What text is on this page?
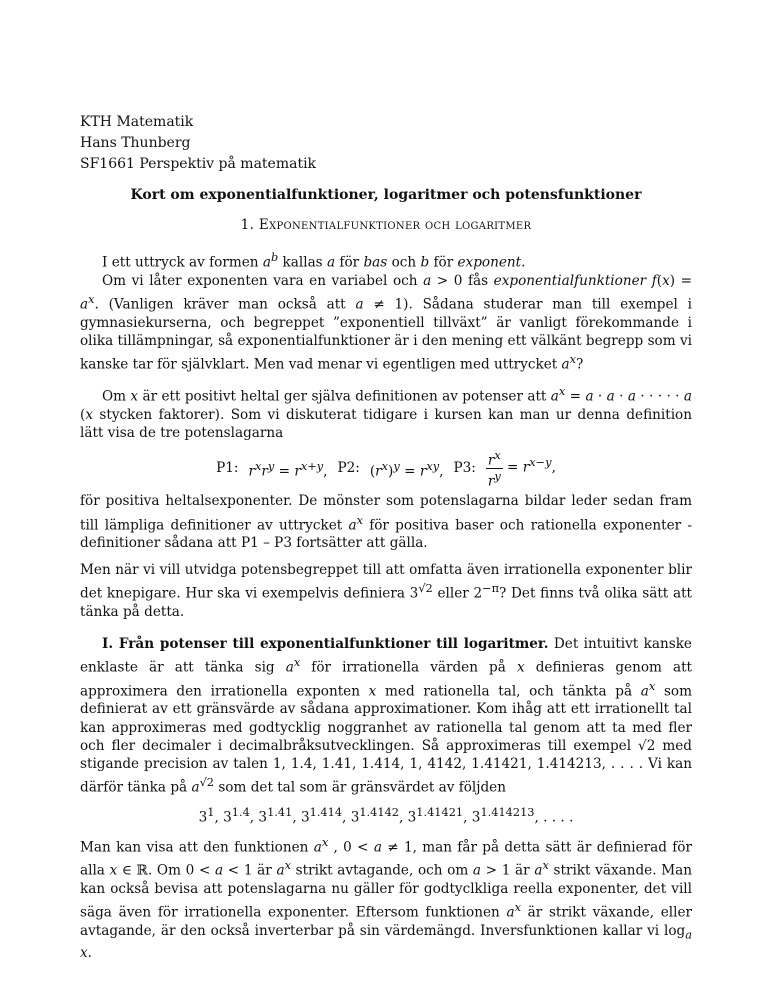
KTH Matematik
Hans Thunberg
SF1661 Perspektiv på matematik
Kort om exponentialfunktioner, logaritmer och potensfunktioner
1. Exponentialfunktioner och logaritmer

I ett uttryck av formen $a^b$ kallas a för bas och b för exponent.

Om vi låter exponenten vara en variabel och a > 0 fås exponentialfunktioner $f(x) = a^x$. (Vanligen kräver man också att a ≠ 1). Sådana studerar man till exempel i gymnasiekurserna, och begreppet ”exponentiell tillväxt” är vanligt förekommande i olika tillämpningar, så exponentialfunktioner är i den mening ett välkänt begrepp som vi kanske tar för självklart. Men vad menar vi egentligen med uttrycket $a^x$?

Om x är ett positivt heltal ger själva definitionen av potenser att $a^x = a \cdot a \cdot a$ · · · · · a (x stycken faktorer). Som vi diskuterat tidigare i kursen kan man ur denna definition lätt visa de tre potenslagarna

P1: $r^xr^y = r^{x+y}$, P2: $(r^x)^y = r^{xy}$, P3: $\frac{r^x}{r^y} = r^{x-y}$,

för positiva heltalsexponenter. De mönster som potenslagarna bildar leder sedan fram till lämpliga definitioner av uttrycket $a^x$ för positiva baser och rationella exponenter - definitioner sådana att P1 – P3 fortsätter att gälla.

Men när vi vill utvidga potensbegreppet till att omfatta även irrationella exponenter blir det knepigare. Hur ska vi exempelvis definiera $3^{√2}$ eller $2^{-\pi}$? Det finns två olika sätt att tänka på detta.

I. Från potenser till exponentialfunktioner till logaritmer. Det intuitivt kanske enklaste är att tänka sig $a^x$ för irrationella värden på x definieras genom att approximera den irrationella exponten x med rationella tal, och tänkta på $a^x$ som definierat av ett gränsvärde av sådana approximationer. Kom ihåg att ett irrationellt tal kan approximeras med godtycklig noggranhet av rationella tal genom att ta med fler och fler decimaler i decimalbråksutvecklingen. Så approximeras till exempel √2 med stigande precision av talen 1, 1.4, 1.41, 1.414, 1, 4142, 1.41421, 1.414213, . . . . Vi kan därför tänka på $a^{√2}$ som det tal som är gränsvärdet av följden

$3^1$, $3^{1.4}$, $3^{1.41}$, $3^{1.414}$, $3^{1.4142}$, $3^{1.41421}$, $3^{1.414213}$, . . . .

Man kan visa att den funktionen $a^x$ , 0 < a ≠ 1, man får på detta sätt är definierad för alla x ∈ ℝ. Om 0 < a < 1 är $a^x$ strikt avtagande, och om a > 1 är $a^x$ strikt växande. Man kan också bevisa att potenslagarna nu gäller för godtyclkliga reella exponenter, det vill säga även för irrationella exponenter. Eftersom funktionen $a^x$ är strikt växande, eller avtagande, är den också inverterbar på sin värdemängd. Inversfunktionen kallar vi $\log_a x$.
